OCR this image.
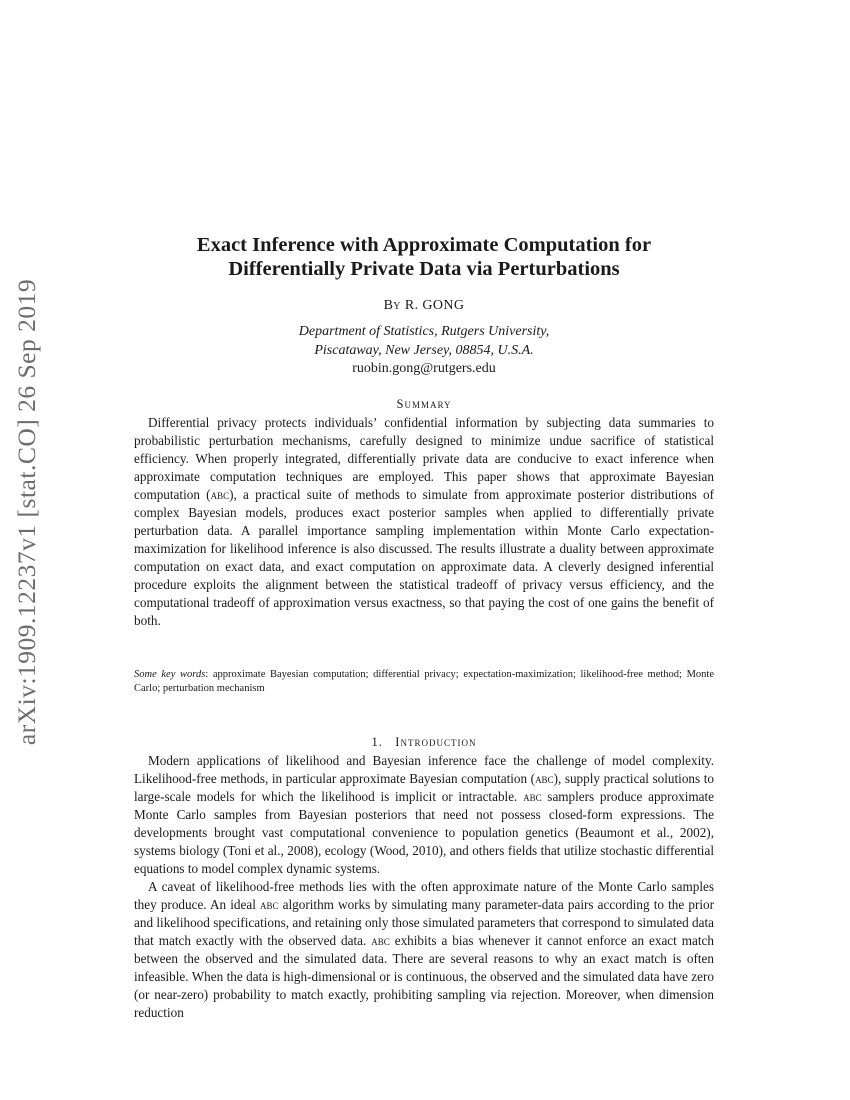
arXiv:1909.12237v1 [stat.CO] 26 Sep 2019
Exact Inference with Approximate Computation for
Differentially Private Data via Perturbations
By R. GONG
Department of Statistics, Rutgers University,
Piscataway, New Jersey, 08854, U.S.A.
ruobin.gong@rutgers.edu
Summary

Differential privacy protects individuals’ confidential information by subjecting data summaries to probabilistic perturbation mechanisms, carefully designed to minimize undue sacrifice of statistical efficiency. When properly integrated, differentially private data are conducive to exact inference when approximate computation techniques are employed. This paper shows that approximate Bayesian computation (abc), a practical suite of methods to simulate from approximate posterior distributions of complex Bayesian models, produces exact posterior samples when applied to differentially private perturbation data. A parallel importance sampling implementation within Monte Carlo expectation-maximization for likelihood inference is also discussed. The results illustrate a duality between approximate computation on exact data, and exact computation on approximate data. A cleverly designed inferential procedure exploits the alignment between the statistical tradeoff of privacy versus efficiency, and the computational tradeoff of approximation versus exactness, so that paying the cost of one gains the benefit of both.

Some key words: approximate Bayesian computation; differential privacy; expectation-maximization; likelihood-free method; Monte Carlo; perturbation mechanism
1. Introduction

Modern applications of likelihood and Bayesian inference face the challenge of model complexity. Likelihood-free methods, in particular approximate Bayesian computation (abc), supply practical solutions to large-scale models for which the likelihood is implicit or intractable. abc samplers produce approximate Monte Carlo samples from Bayesian posteriors that need not possess closed-form expressions. The developments brought vast computational convenience to population genetics (Beaumont et al., 2002), systems biology (Toni et al., 2008), ecology (Wood, 2010), and others fields that utilize stochastic differential equations to model complex dynamic systems.

A caveat of likelihood-free methods lies with the often approximate nature of the Monte Carlo samples they produce. An ideal abc algorithm works by simulating many parameter-data pairs according to the prior and likelihood specifications, and retaining only those simulated parameters that correspond to simulated data that match exactly with the observed data. abc exhibits a bias whenever it cannot enforce an exact match between the observed and the simulated data. There are several reasons to why an exact match is often infeasible. When the data is high-dimensional or is continuous, the observed and the simulated data have zero (or near-zero) probability to match exactly, prohibiting sampling via rejection. Moreover, when dimension reduction
